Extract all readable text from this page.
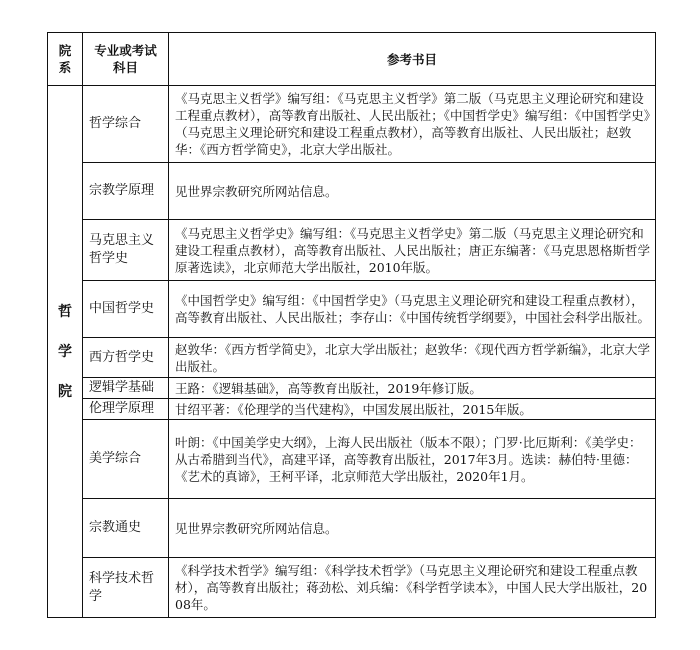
院系	专业或考试科目	参考书目
哲学院	哲学综合	《马克思主义哲学》编写组：《马克思主义哲学》第二版（马克思主义理论研究和建设工程重点教材），高等教育出版社、人民出版社；《中国哲学史》编写组：《中国哲学史》（马克思主义理论研究和建设工程重点教材），高等教育出版社、人民出版社；赵敦华：《西方哲学简史》，北京大学出版社。
	宗教学原理	见世界宗教研究所网站信息。
	马克思主义哲学史	《马克思主义哲学史》编写组：《马克思主义哲学史》第二版（马克思主义理论研究和建设工程重点教材），高等教育出版社、人民出版社；唐正东编著：《马克思恩格斯哲学原著选读》，北京师范大学出版社，2010年版。
	中国哲学史	《中国哲学史》编写组：《中国哲学史》（马克思主义理论研究和建设工程重点教材），高等教育出版社、人民出版社；李存山：《中国传统哲学纲要》，中国社会科学出版社。
	西方哲学史	赵敦华：《西方哲学简史》，北京大学出版社；赵敦华：《现代西方哲学新编》，北京大学出版社。
	逻辑学基础	王路：《逻辑基础》，高等教育出版社，2019年修订版。
	伦理学原理	甘绍平著：《伦理学的当代建构》，中国发展出版社，2015年版。
	美学综合	叶朗：《中国美学史大纲》，上海人民出版社（版本不限）；门罗·比厄斯利：《美学史：从古希腊到当代》，高建平译，高等教育出版社，2017年3月。选读：赫伯特·里德：《艺术的真谛》，王柯平译，北京师范大学出版社，2020年1月。
	宗教通史	见世界宗教研究所网站信息。
	科学技术哲学	《科学技术哲学》编写组：《科学技术哲学》（马克思主义理论研究和建设工程重点教材），高等教育出版社；蒋劲松、刘兵编：《科学哲学读本》，中国人民大学出版社，2008年。
